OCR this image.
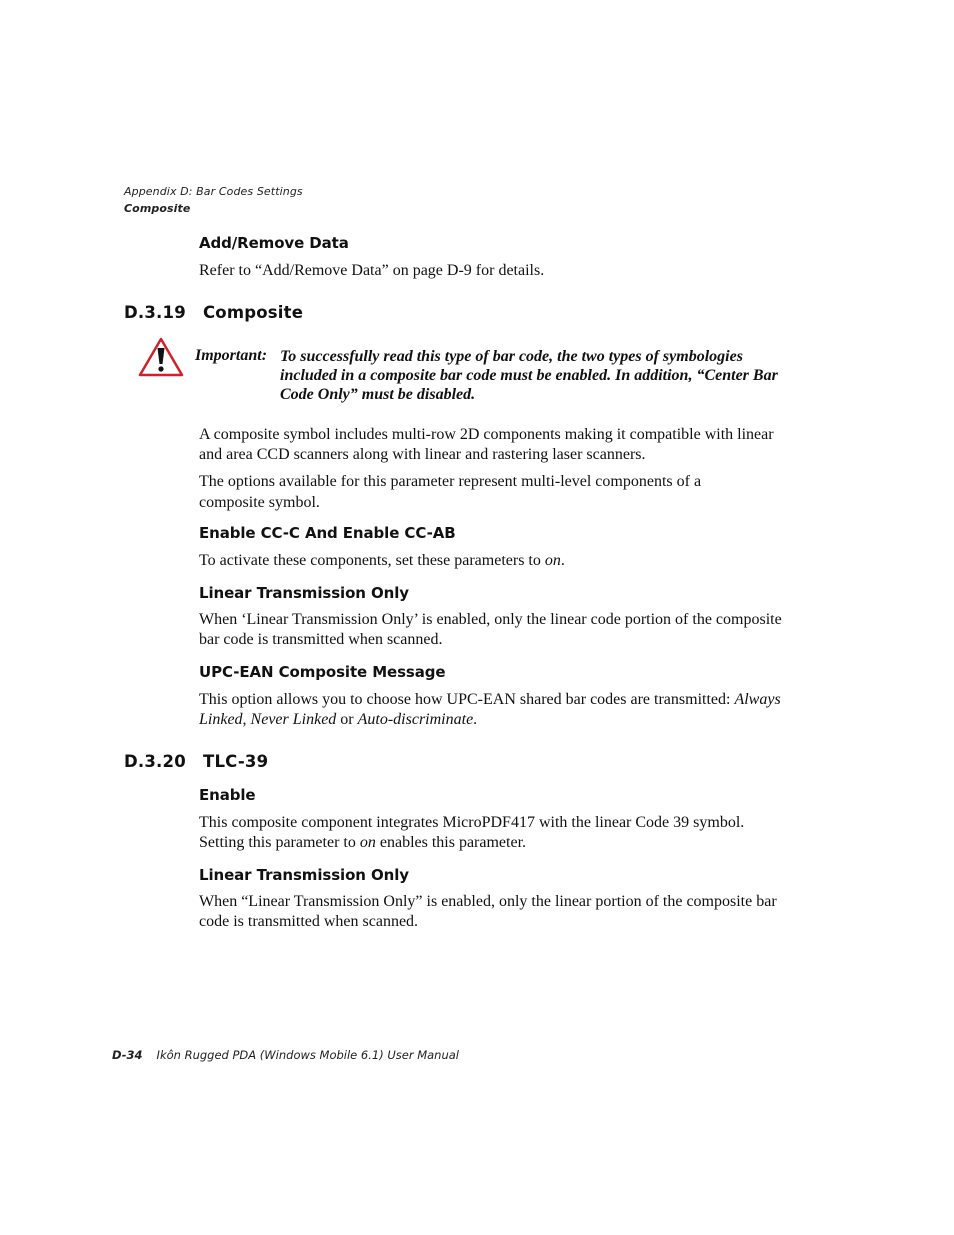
Appendix D: Bar Codes Settings
Composite
Add/Remove Data
Refer to “Add/Remove Data” on page D-9 for details.
D.3.19 Composite
Important: To successfully read this type of bar code, the two types of symbologies
included in a composite bar code must be enabled. In addition, “Center Bar
Code Only” must be disabled.
A composite symbol includes multi-row 2D components making it compatible with linear
and area CCD scanners along with linear and rastering laser scanners.
The options available for this parameter represent multi-level components of a
composite symbol.
Enable CC-C And Enable CC-AB
To activate these components, set these parameters to on.
Linear Transmission Only
When ‘Linear Transmission Only’ is enabled, only the linear code portion of the composite
bar code is transmitted when scanned.
UPC-EAN Composite Message
This option allows you to choose how UPC-EAN shared bar codes are transmitted: Always
Linked, Never Linked or Auto-discriminate.
D.3.20 TLC-39
Enable
This composite component integrates MicroPDF417 with the linear Code 39 symbol.
Setting this parameter to on enables this parameter.
Linear Transmission Only
When “Linear Transmission Only” is enabled, only the linear portion of the composite bar
code is transmitted when scanned.
D-34 Ikôn Rugged PDA (Windows Mobile 6.1) User Manual
